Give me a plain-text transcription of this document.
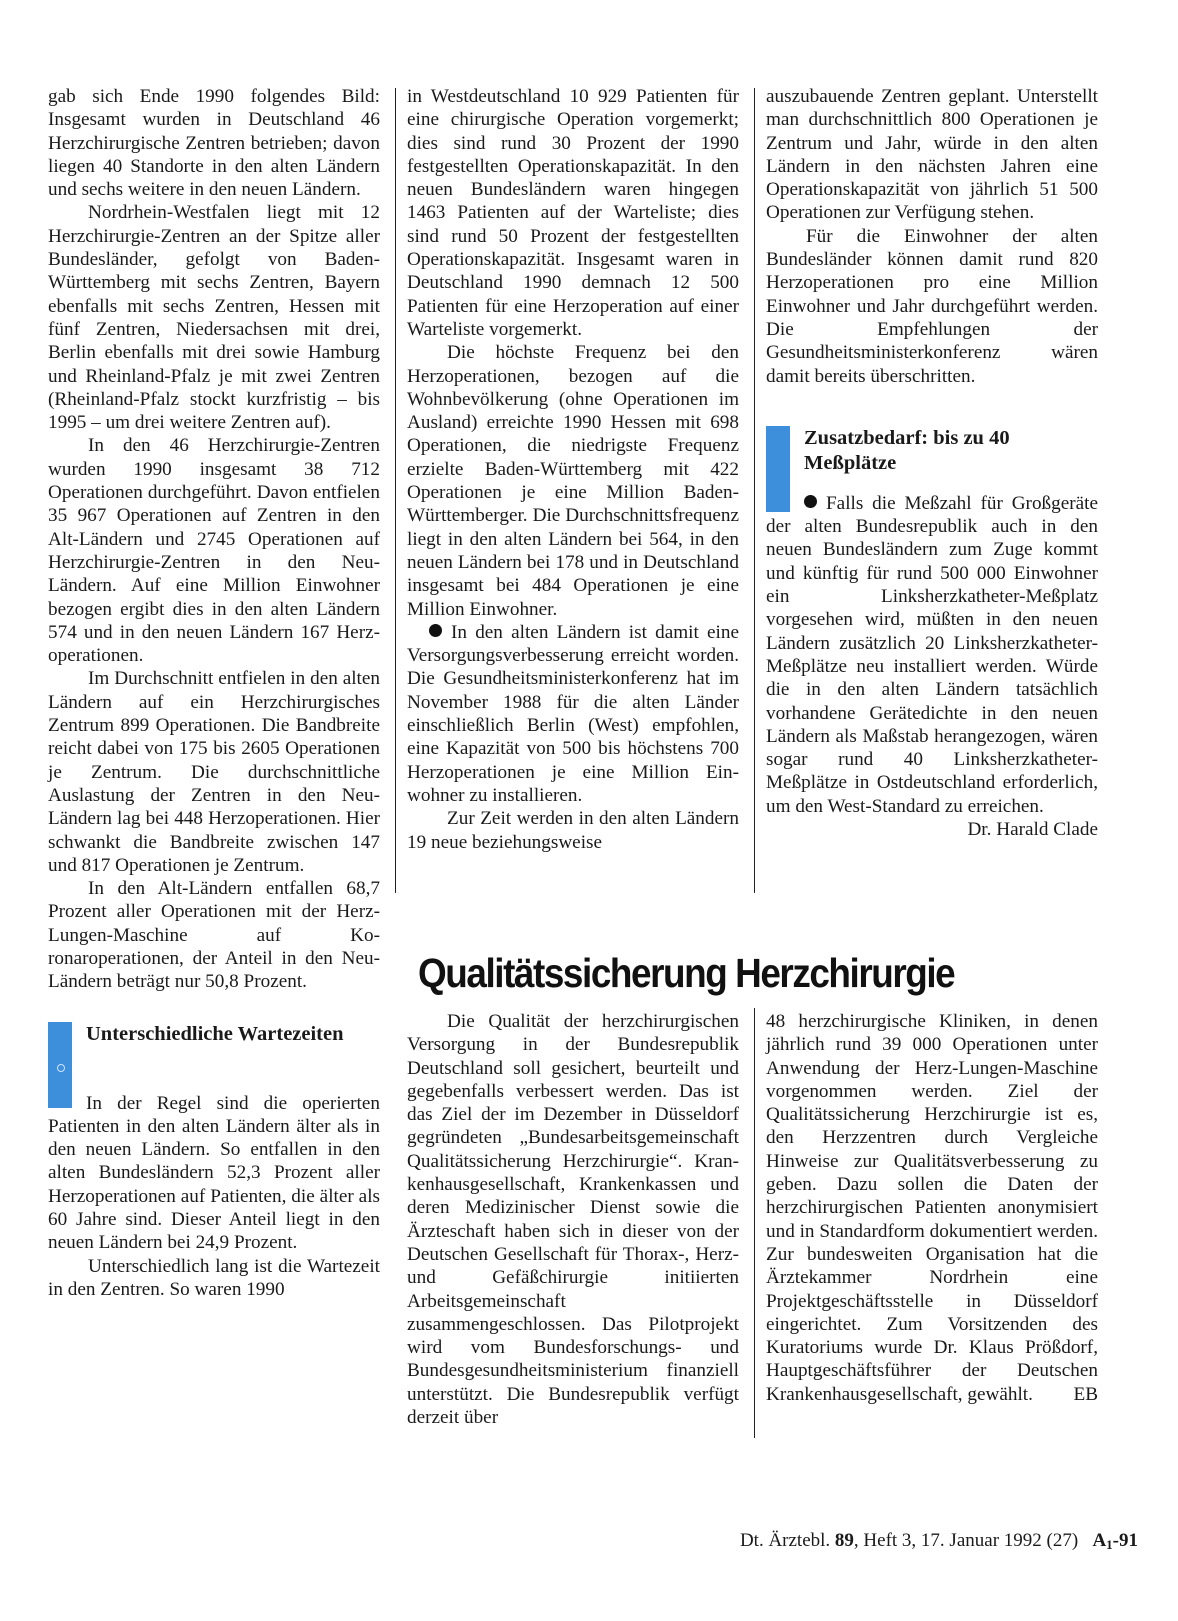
gab sich Ende 1990 folgendes Bild: Insgesamt wurden in Deutschland 46 Herzchirurgische Zentren betrieben; davon liegen 40 Standorte in den alten Ländern und sechs weitere in den neuen Ländern.

Nordrhein-Westfalen liegt mit 12 Herzchirurgie-Zentren an der Spitze aller Bundesländer, gefolgt von Baden-Württemberg mit sechs Zentren, Bayern ebenfalls mit sechs Zentren, Hessen mit fünf Zentren, Niedersachsen mit drei, Berlin ebenfalls mit drei sowie Hamburg und Rheinland-Pfalz je mit zwei Zentren (Rheinland-Pfalz stockt kurzfristig – bis 1995 – um drei weitere Zentren auf).

In den 46 Herzchirurgie-Zentren wurden 1990 insgesamt 38 712 Operationen durchgeführt. Davon entfielen 35 967 Operationen auf Zentren in den Alt-Ländern und 2745 Operationen auf Herzchirurgie-Zentren in den Neu-Ländern. Auf eine Million Einwohner bezogen ergibt dies in den alten Ländern 574 und in den neuen Ländern 167 Herzoperationen.

Im Durchschnitt entfielen in den alten Ländern auf ein Herzchirurgisches Zentrum 899 Operationen. Die Bandbreite reicht dabei von 175 bis 2605 Operationen je Zentrum. Die durchschnittliche Auslastung der Zentren in den Neu-Ländern lag bei 448 Herzoperationen. Hier schwankt die Bandbreite zwischen 147 und 817 Operationen je Zentrum.

In den Alt-Ländern entfallen 68,7 Prozent aller Operationen mit der Herz-Lungen-Maschine auf Koronaroperationen, der Anteil in den Neu-Ländern beträgt nur 50,8 Prozent.

Unterschiedliche Wartezeiten

In der Regel sind die operierten Patienten in den alten Ländern älter als in den neuen Ländern. So entfallen in den alten Bundesländern 52,3 Prozent aller Herzoperationen auf Patienten, die älter als 60 Jahre sind. Dieser Anteil liegt in den neuen Ländern bei 24,9 Prozent.

Unterschiedlich lang ist die Wartezeit in den Zentren. So waren 1990

in Westdeutschland 10 929 Patienten für eine chirurgische Operation vorgemerkt; dies sind rund 30 Prozent der 1990 festgestellten Operationskapazität. In den neuen Bundesländern waren hingegen 1463 Patienten auf der Warteliste; dies sind rund 50 Prozent der festgestellten Operationskapazität. Insgesamt waren in Deutschland 1990 demnach 12 500 Patienten für eine Herzoperation auf einer Warteliste vorgemerkt.

Die höchste Frequenz bei den Herzoperationen, bezogen auf die Wohnbevölkerung (ohne Operationen im Ausland) erreichte 1990 Hessen mit 698 Operationen, die niedrigste Frequenz erzielte Baden-Württemberg mit 422 Operationen je eine Million Baden-Württemberger. Die Durchschnittsfrequenz liegt in den alten Ländern bei 564, in den neuen Ländern bei 178 und in Deutschland insgesamt bei 484 Operationen je eine Million Einwohner.

In den alten Ländern ist damit eine Versorgungsverbesserung erreicht worden. Die Gesundheitsministerkonferenz hat im November 1988 für die alten Länder einschließlich Berlin (West) empfohlen, eine Kapazität von 500 bis höchstens 700 Herzoperationen je eine Million Einwohner zu installieren.

Zur Zeit werden in den alten Ländern 19 neue beziehungsweise

auszubauende Zentren geplant. Unterstellt man durchschnittlich 800 Operationen je Zentrum und Jahr, würde in den alten Ländern in den nächsten Jahren eine Operationskapazität von jährlich 51 500 Operationen zur Verfügung stehen.

Für die Einwohner der alten Bundesländer können damit rund 820 Herzoperationen pro eine Million Einwohner und Jahr durchgeführt werden. Die Empfehlungen der Gesundheitsministerkonferenz wären damit bereits überschritten.

Zusatzbedarf: bis zu 40 Meßplätze

Falls die Meßzahl für Großgeräte der alten Bundesrepublik auch in den neuen Bundesländern zum Zuge kommt und künftig für rund 500 000 Einwohner ein Linksherzkatheter-Meßplatz vorgesehen wird, müßten in den neuen Ländern zusätzlich 20 Linksherzkatheter-Meßplätze neu installiert werden. Würde die in den alten Ländern tatsächlich vorhandene Gerätedichte in den neuen Ländern als Maßstab herangezogen, wären sogar rund 40 Linksherzkatheter-Meßplätze in Ostdeutschland erforderlich, um den West-Standard zu erreichen.

Dr. Harald Clade

Qualitätssicherung Herzchirurgie

Die Qualität der herzchirurgischen Versorgung in der Bundesrepublik Deutschland soll gesichert, beurteilt und gegebenfalls verbessert werden. Das ist das Ziel der im Dezember in Düsseldorf gegründeten „Bundesarbeitsgemeinschaft Qualitätssicherung Herzchirurgie“. Krankenhausgesellschaft, Krankenkassen und deren Medizinischer Dienst sowie die Ärzteschaft haben sich in dieser von der Deutschen Gesellschaft für Thorax-, Herz- und Gefäßchirurgie initiierten Arbeitsgemeinschaft zusammengeschlossen. Das Pilotprojekt wird vom Bundesforschungs- und Bundesgesundheitsministerium finanziell unterstützt. Die Bundesrepublik verfügt derzeit über

48 herzchirurgische Kliniken, in denen jährlich rund 39 000 Operationen unter Anwendung der Herz-Lungen-Maschine vorgenommen werden. Ziel der Qualitätssicherung Herzchirurgie ist es, den Herzzentren durch Vergleiche Hinweise zur Qualitätsverbesserung zu geben. Dazu sollen die Daten der herzchirurgischen Patienten anonymisiert und in Standardform dokumentiert werden. Zur bundesweiten Organisation hat die Ärztekammer Nordrhein eine Projektgeschäftsstelle in Düsseldorf eingerichtet. Zum Vorsitzenden des Kuratoriums wurde Dr. Klaus Prößdorf, Hauptgeschäftsführer der Deutschen Krankenhausgesellschaft, gewählt.	EB

Dt. Ärztebl. 89, Heft 3, 17. Januar 1992 (27) $A_1-91$
